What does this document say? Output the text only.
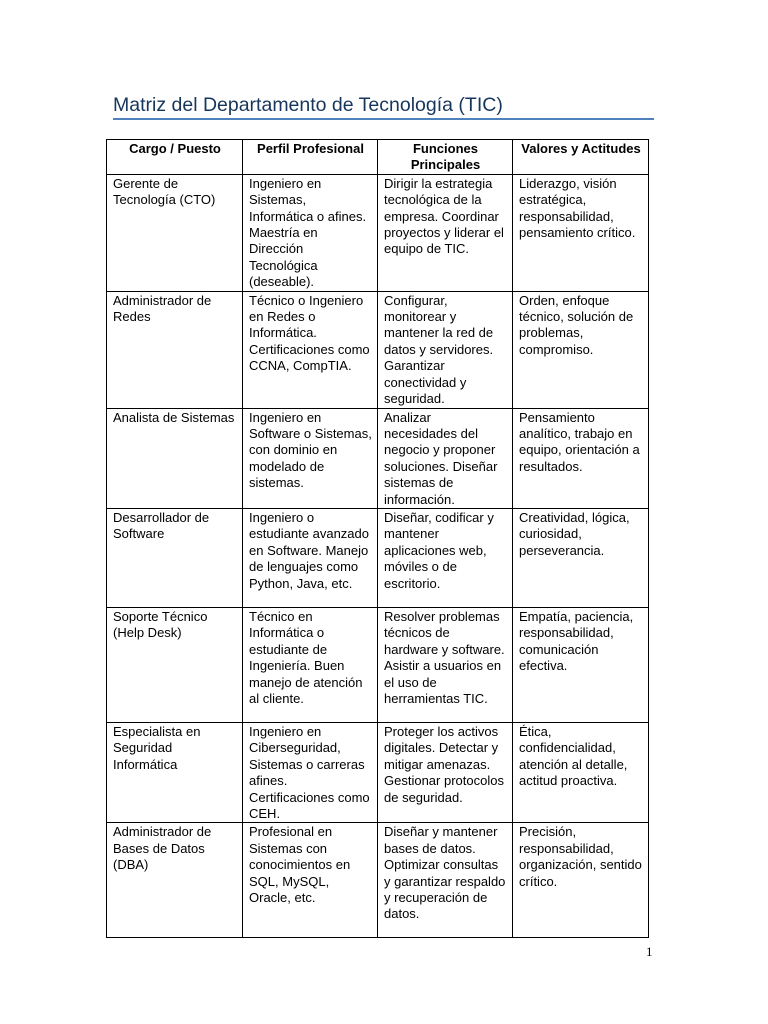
Matriz del Departamento de Tecnología (TIC)
Cargo / Puesto	Perfil Profesional	Funciones Principales	Valores y Actitudes
Gerente de Tecnología (CTO)	Ingeniero en Sistemas, Informática o afines. Maestría en Dirección Tecnológica (deseable).	Dirigir la estrategia tecnológica de la empresa. Coordinar proyectos y liderar el equipo de TIC.	Liderazgo, visión estratégica, responsabilidad, pensamiento crítico.
Administrador de Redes	Técnico o Ingeniero en Redes o Informática. Certificaciones como CCNA, CompTIA.	Configurar, monitorear y mantener la red de datos y servidores. Garantizar conectividad y seguridad.	Orden, enfoque técnico, solución de problemas, compromiso.
Analista de Sistemas	Ingeniero en Software o Sistemas, con dominio en modelado de sistemas.	Analizar necesidades del negocio y proponer soluciones. Diseñar sistemas de información.	Pensamiento analítico, trabajo en equipo, orientación a resultados.
Desarrollador de Software	Ingeniero o estudiante avanzado en Software. Manejo de lenguajes como Python, Java, etc.	Diseñar, codificar y mantener aplicaciones web, móviles o de escritorio.	Creatividad, lógica, curiosidad, perseverancia.
Soporte Técnico (Help Desk)	Técnico en Informática o estudiante de Ingeniería. Buen manejo de atención al cliente.	Resolver problemas técnicos de hardware y software. Asistir a usuarios en el uso de herramientas TIC.	Empatía, paciencia, responsabilidad, comunicación efectiva.
Especialista en Seguridad Informática	Ingeniero en Ciberseguridad, Sistemas o carreras afines. Certificaciones como CEH.	Proteger los activos digitales. Detectar y mitigar amenazas. Gestionar protocolos de seguridad.	Ética, confidencialidad, atención al detalle, actitud proactiva.
Administrador de Bases de Datos (DBA)	Profesional en Sistemas con conocimientos en SQL, MySQL, Oracle, etc.	Diseñar y mantener bases de datos. Optimizar consultas y garantizar respaldo y recuperación de datos.	Precisión, responsabilidad, organización, sentido crítico.
1
